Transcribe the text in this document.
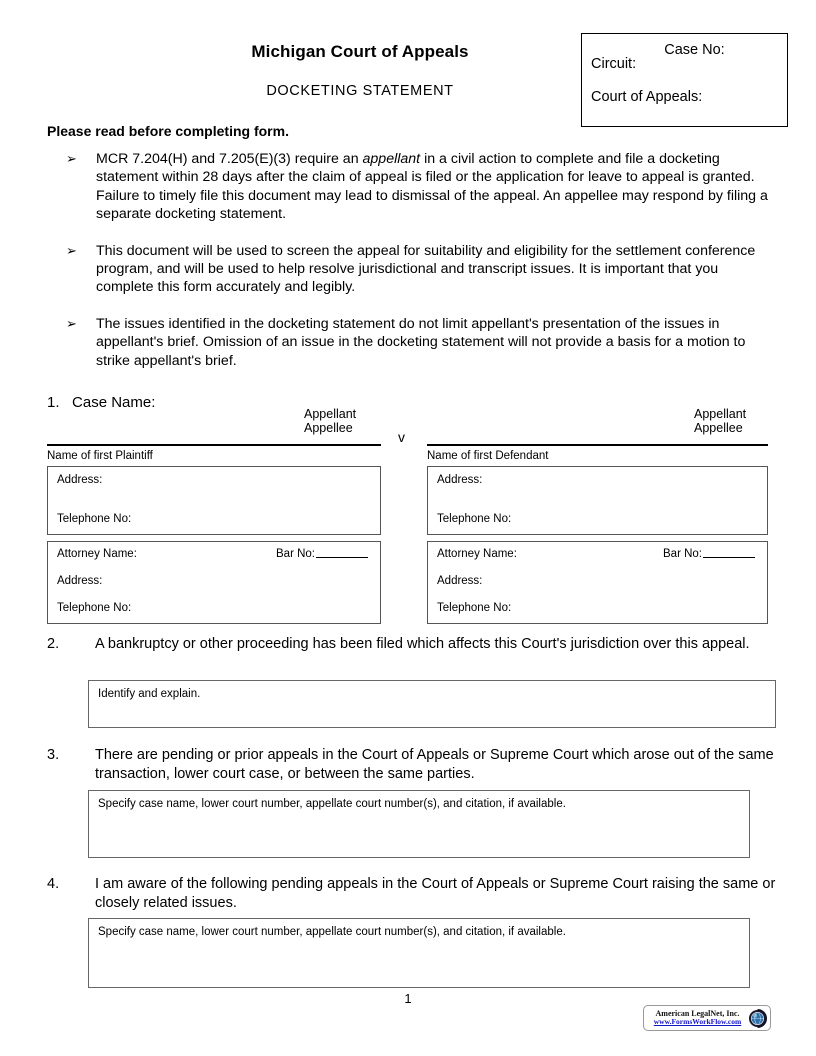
Michigan Court of Appeals
DOCKETING STATEMENT
Case No:
Circuit:
Court of Appeals:
Please read before completing form.
➢ MCR 7.204(H) and 7.205(E)(3) require an appellant in a civil action to complete and file a docketing statement within 28 days after the claim of appeal is filed or the application for leave to appeal is granted. Failure to timely file this document may lead to dismissal of the appeal. An appellee may respond by filing a separate docketing statement.
➢ This document will be used to screen the appeal for suitability and eligibility for the settlement conference program, and will be used to help resolve jurisdictional and transcript issues. It is important that you complete this form accurately and legibly.
➢ The issues identified in the docketing statement do not limit appellant's presentation of the issues in appellant's brief. Omission of an issue in the docketing statement will not provide a basis for a motion to strike appellant's brief.
1. Case Name:
Appellant
Appellee
Appellant
Appellee
v
Name of first Plaintiff	Name of first Defendant
Address:
Telephone No:
Address:
Telephone No:
Attorney Name:	Bar No:
Address:
Telephone No:
Attorney Name:	Bar No:
Address:
Telephone No:
2.	A bankruptcy or other proceeding has been filed which affects this Court's jurisdiction over this appeal.
Identify and explain.
3.	There are pending or prior appeals in the Court of Appeals or Supreme Court which arose out of the same transaction, lower court case, or between the same parties.
Specify case name, lower court number, appellate court number(s), and citation, if available.
4.	I am aware of the following pending appeals in the Court of Appeals or Supreme Court raising the same or closely related issues.
Specify case name, lower court number, appellate court number(s), and citation, if available.
1
American LegalNet, Inc.
www.FormsWorkFlow.com
